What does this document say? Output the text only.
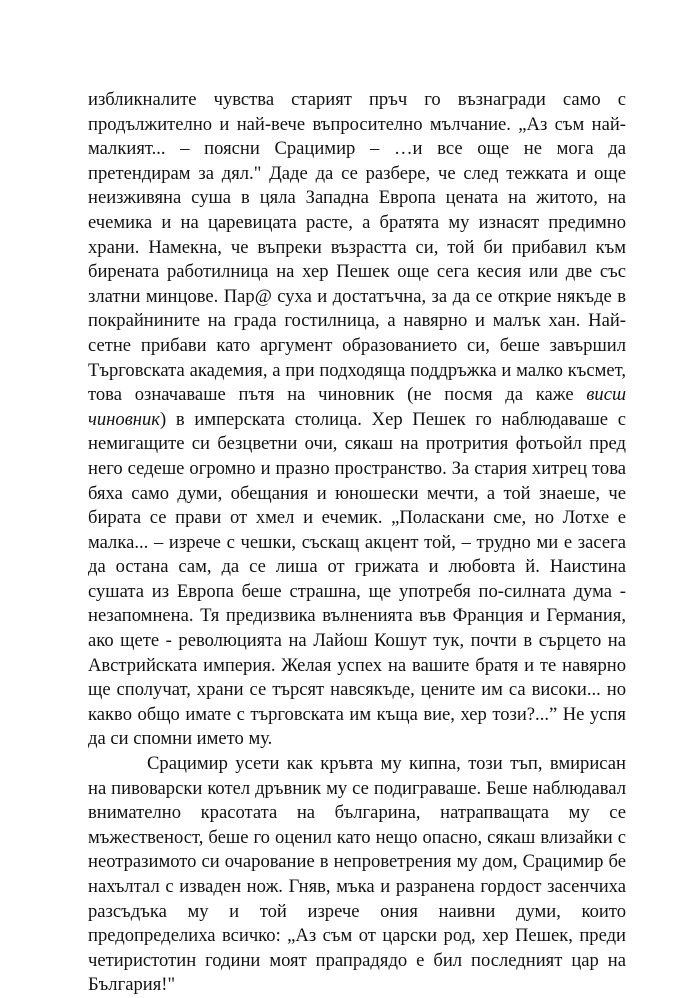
избликналите чувства старият пръч го възнагради само с продължително и най-вече въпросително мълчание. „Аз съм най-малкият... – поясни Срацимир – …и все още не мога да претендирам за дял." Даде да се разбере, че след тежката и още неизживяна суша в цяла Западна Европа цената на житото, на ечемика и на царевицата расте, а братята му изнасят предимно храни. Намекна, че въпреки възрастта си, той би прибавил към бирената работилница на хер Пешек още сега кесия или две със златни минцове. Пар@ суха и достатъчна, за да се открие някъде в покрайнините на града гостилница, а навярно и малък хан. Най-сетне прибави като аргумент образованието си, беше завършил Търговската академия, а при подходяща поддръжка и малко късмет, това означаваше пътя на чиновник (не посмя да каже висш чиновник) в имперската столица. Хер Пешек го наблюдаваше с немигащите си безцветни очи, сякаш на протрития фотьойл пред него седеше огромно и празно пространство. За стария хитрец това бяха само думи, обещания и юношески мечти, а той знаеше, че бирата се прави от хмел и ечемик. „Поласкани сме, но Лотхе е малка... – изрече с чешки, съскащ акцент той, – трудно ми е засега да остана сам, да се лиша от грижата и любовта й. Наистина сушата из Европа беше страшна, ще употребя по-силната дума - незапомнена. Тя предизвика вълненията във Франция и Германия, ако щете - революцията на Лайош Кошут тук, почти в сърцето на Австрийската империя. Желая успех на вашите братя и те навярно ще сполучат, храни се търсят навсякъде, цените им са високи... но какво общо имате с търговската им къща вие, хер този?...” Не успя да си спомни името му.

Срацимир усети как кръвта му кипна, този тъп, вмирисан на пивоварски котел дръвник му се подиграваше. Беше наблюдавал внимателно красотата на българина, натрапващата му се мъжественост, беше го оценил като нещо опасно, сякаш влизайки с неотразимото си очарование в непроветрения му дом, Срацимир бе нахълтал с изваден нож. Гняв, мъка и разранена гордост засенчиха разсъдъка му и той изрече ония наивни думи, които предопределиха всичко: „Аз съм от царски род, хер Пешек, преди четиристотин години моят прапрадядо е бил последният цар на България!"
